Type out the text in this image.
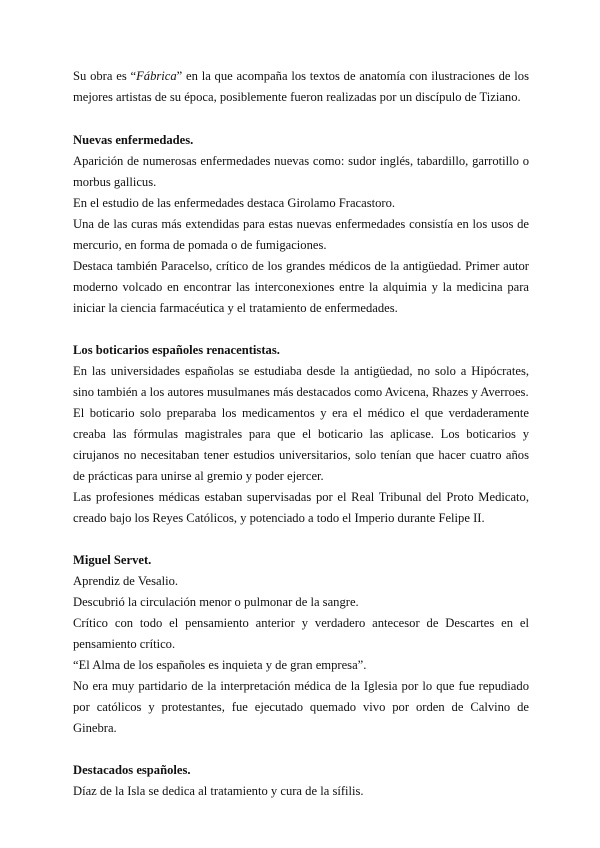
Su obra es “Fábrica” en la que acompaña los textos de anatomía con ilustraciones de los mejores artistas de su época, posiblemente fueron realizadas por un discípulo de Tiziano.

Nuevas enfermedades.

Aparición de numerosas enfermedades nuevas como: sudor inglés, tabardillo, garrotillo o morbus gallicus.

En el estudio de las enfermedades destaca Girolamo Fracastoro.

Una de las curas más extendidas para estas nuevas enfermedades consistía en los usos de mercurio, en forma de pomada o de fumigaciones.

Destaca también Paracelso, crítico de los grandes médicos de la antigüedad. Primer autor moderno volcado en encontrar las interconexiones entre la alquimia y la medicina para iniciar la ciencia farmacéutica y el tratamiento de enfermedades.

Los boticarios españoles renacentistas.

En las universidades españolas se estudiaba desde la antigüedad, no solo a Hipócrates, sino también a los autores musulmanes más destacados como Avicena, Rhazes y Averroes.

El boticario solo preparaba los medicamentos y era el médico el que verdaderamente creaba las fórmulas magistrales para que el boticario las aplicase. Los boticarios y cirujanos no necesitaban tener estudios universitarios, solo tenían que hacer cuatro años de prácticas para unirse al gremio y poder ejercer.

Las profesiones médicas estaban supervisadas por el Real Tribunal del Proto Medicato, creado bajo los Reyes Católicos, y potenciado a todo el Imperio durante Felipe II.

Miguel Servet.

Aprendiz de Vesalio.

Descubrió la circulación menor o pulmonar de la sangre.

Crítico con todo el pensamiento anterior y verdadero antecesor de Descartes en el pensamiento crítico.

“El Alma de los españoles es inquieta y de gran empresa”.

No era muy partidario de la interpretación médica de la Iglesia por lo que fue repudiado por católicos y protestantes, fue ejecutado quemado vivo por orden de Calvino de Ginebra.

Destacados españoles.

Díaz de la Isla se dedica al tratamiento y cura de la sífilis.
